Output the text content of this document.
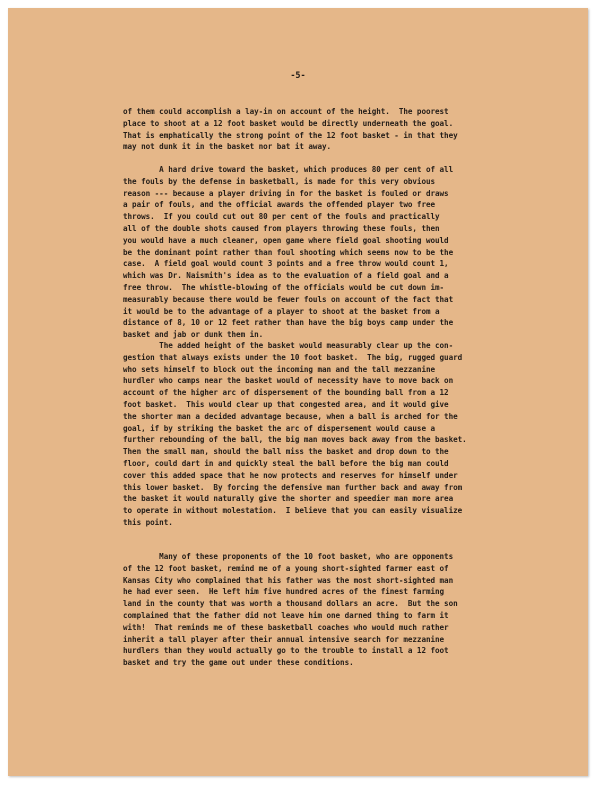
-5-

of them could accomplish a lay-in on account of the height.  The poorest
place to shoot at a 12 foot basket would be directly underneath the goal.
That is emphatically the strong point of the 12 foot basket - in that they
may not dunk it in the basket nor bat it away.

A hard drive toward the basket, which produces 80 per cent of all
the fouls by the defense in basketball, is made for this very obvious
reason --- because a player driving in for the basket is fouled or draws
a pair of fouls, and the official awards the offended player two free
throws.  If you could cut out 80 per cent of the fouls and practically
all of the double shots caused from players throwing these fouls, then
you would have a much cleaner, open game where field goal shooting would
be the dominant point rather than foul shooting which seems now to be the
case.  A field goal would count 3 points and a free throw would count 1,
which was Dr. Naismith's idea as to the evaluation of a field goal and a
free throw.  The whistle-blowing of the officials would be cut down im-
measurably because there would be fewer fouls on account of the fact that
it would be to the advantage of a player to shoot at the basket from a
distance of 8, 10 or 12 feet rather than have the big boys camp under the
basket and jab or dunk them in.

The added height of the basket would measurably clear up the con-
gestion that always exists under the 10 foot basket.  The big, rugged guard
who sets himself to block out the incoming man and the tall mezzanine
hurdler who camps near the basket would of necessity have to move back on
account of the higher arc of dispersement of the bounding ball from a 12
foot basket.  This would clear up that congested area, and it would give
the shorter man a decided advantage because, when a ball is arched for the
goal, if by striking the basket the arc of dispersement would cause a
further rebounding of the ball, the big man moves back away from the basket.
Then the small man, should the ball miss the basket and drop down to the
floor, could dart in and quickly steal the ball before the big man could
cover this added space that he now protects and reserves for himself under
this lower basket.  By forcing the defensive man further back and away from
the basket it would naturally give the shorter and speedier man more area
to operate in without molestation.  I believe that you can easily visualize
this point.

Many of these proponents of the 10 foot basket, who are opponents
of the 12 foot basket, remind me of a young short-sighted farmer east of
Kansas City who complained that his father was the most short-sighted man
he had ever seen.  He left him five hundred acres of the finest farming
land in the county that was worth a thousand dollars an acre.  But the son
complained that the father did not leave him one darned thing to farm it
with!  That reminds me of these basketball coaches who would much rather
inherit a tall player after their annual intensive search for mezzanine
hurdlers than they would actually go to the trouble to install a 12 foot
basket and try the game out under these conditions.
